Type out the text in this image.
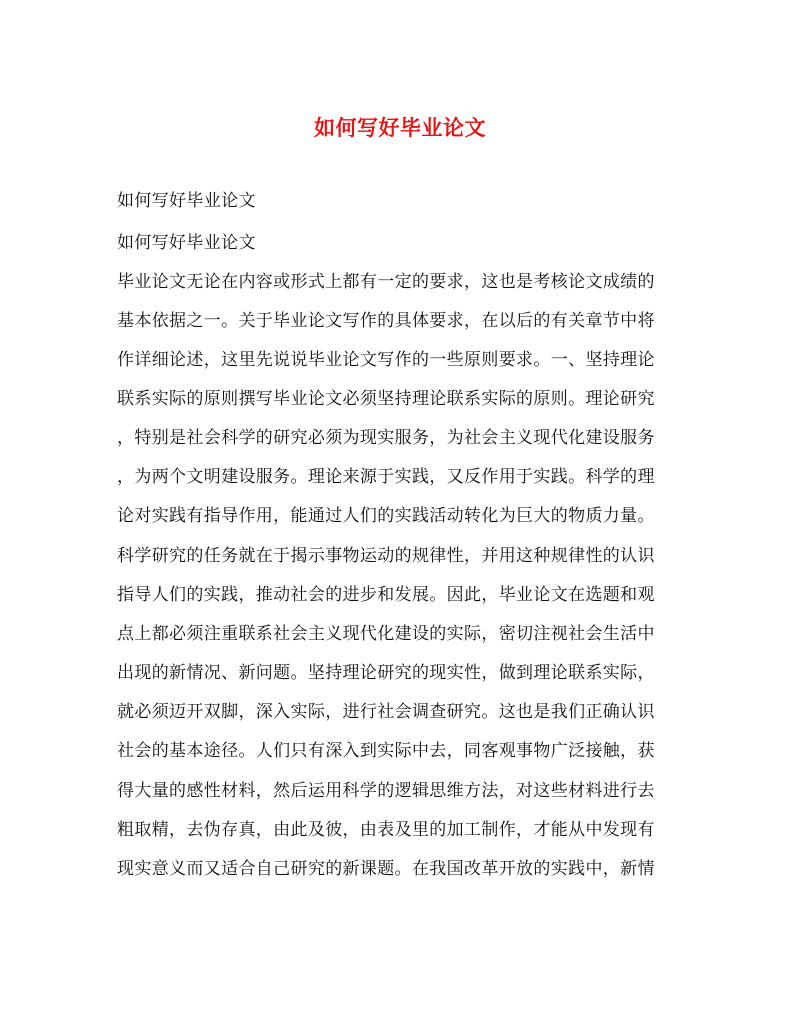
如何写好毕业论文
如何写好毕业论文
如何写好毕业论文
毕业论文无论在内容或形式上都有一定的要求，这也是考核论文成绩的
基本依据之一。关于毕业论文写作的具体要求，在以后的有关章节中将
作详细论述，这里先说说毕业论文写作的一些原则要求。一、坚持理论
联系实际的原则撰写毕业论文必须坚持理论联系实际的原则。理论研究
，特别是社会科学的研究必须为现实服务，为社会主义现代化建设服务
，为两个文明建设服务。理论来源于实践，又反作用于实践。科学的理
论对实践有指导作用，能通过人们的实践活动转化为巨大的物质力量。
科学研究的任务就在于揭示事物运动的规律性，并用这种规律性的认识
指导人们的实践，推动社会的进步和发展。因此，毕业论文在选题和观
点上都必须注重联系社会主义现代化建设的实际，密切注视社会生活中
出现的新情况、新问题。坚持理论研究的现实性，做到理论联系实际，
就必须迈开双脚，深入实际，进行社会调查研究。这也是我们正确认识
社会的基本途径。人们只有深入到实际中去，同客观事物广泛接触，获
得大量的感性材料，然后运用科学的逻辑思维方法，对这些材料进行去
粗取精，去伪存真，由此及彼，由表及里的加工制作，才能从中发现有
现实意义而又适合自己研究的新课题。在我国改革开放的实践中，新情
